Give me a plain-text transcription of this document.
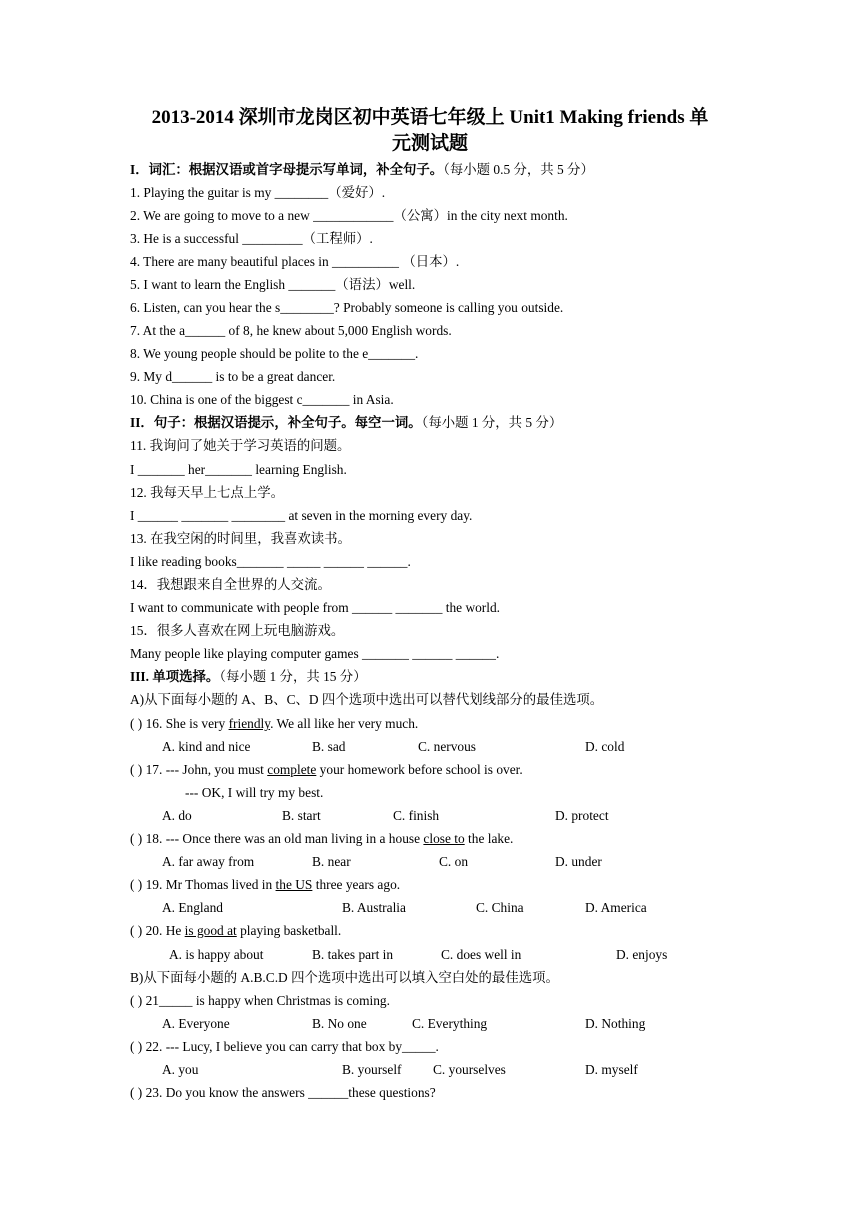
2013-2014 深圳市龙岗区初中英语七年级上 Unit1 Making friends 单
元测试题
I．词汇：根据汉语或首字母提示写单词，补全句子。（每小题 0.5 分，共 5 分）
1. Playing the guitar is my ________（爱好）.
2. We are going to move to a new ____________（公寓）in the city next month.
3. He is a successful _________（工程师）.
4. There are many beautiful places in __________ （日本）.
5. I want to learn the English _______（语法）well.
6. Listen, can you hear the s________? Probably someone is calling you outside.
7. At the a______ of 8, he knew about 5,000 English words.
8. We young people should be polite to the e_______.
9. My d______ is to be a great dancer.
10. China is one of the biggest c_______ in Asia.
II．句子：根据汉语提示，补全句子。每空一词。（每小题 1 分，共 5 分）
11. 我询问了她关于学习英语的问题。
I _______ her_______ learning English.
12. 我每天早上七点上学。
I ______ _______ ________ at seven in the morning every day.
13. 在我空闲的时间里，我喜欢读书。
I like reading books_______ _____ ______ ______.
14．我想跟来自全世界的人交流。
I want to communicate with people from ______ _______ the world.
15．很多人喜欢在网上玩电脑游戏。
Many people like playing computer games _______ ______ ______.
III. 单项选择。（每小题 1 分，共 15 分）
A)从下面每小题的 A、B、C、D 四个选项中选出可以替代划线部分的最佳选项。
( ) 16. She is very friendly. We all like her very much.
A. kind and nice	B. sad	C. nervous	D. cold
( ) 17. --- John, you must complete your homework before school is over.
--- OK, I will try my best.
A. do	B. start	C. finish	D. protect
( ) 18. --- Once there was an old man living in a house close to the lake.
A. far away from	B. near	C. on	D. under
( ) 19. Mr Thomas lived in the US three years ago.
A. England	B. Australia	C. China	D. America
( ) 20. He is good at playing basketball.
A. is happy about	B. takes part in	C. does well in	D. enjoys
B)从下面每小题的 A.B.C.D 四个选项中选出可以填入空白处的最佳选项。
( ) 21_____ is happy when Christmas is coming.
A. Everyone	B. No one	C. Everything	D. Nothing
( ) 22. --- Lucy, I believe you can carry that box by_____.
A. you	B. yourself C. yourselves	D. myself
( ) 23. Do you know the answers ______these questions?
